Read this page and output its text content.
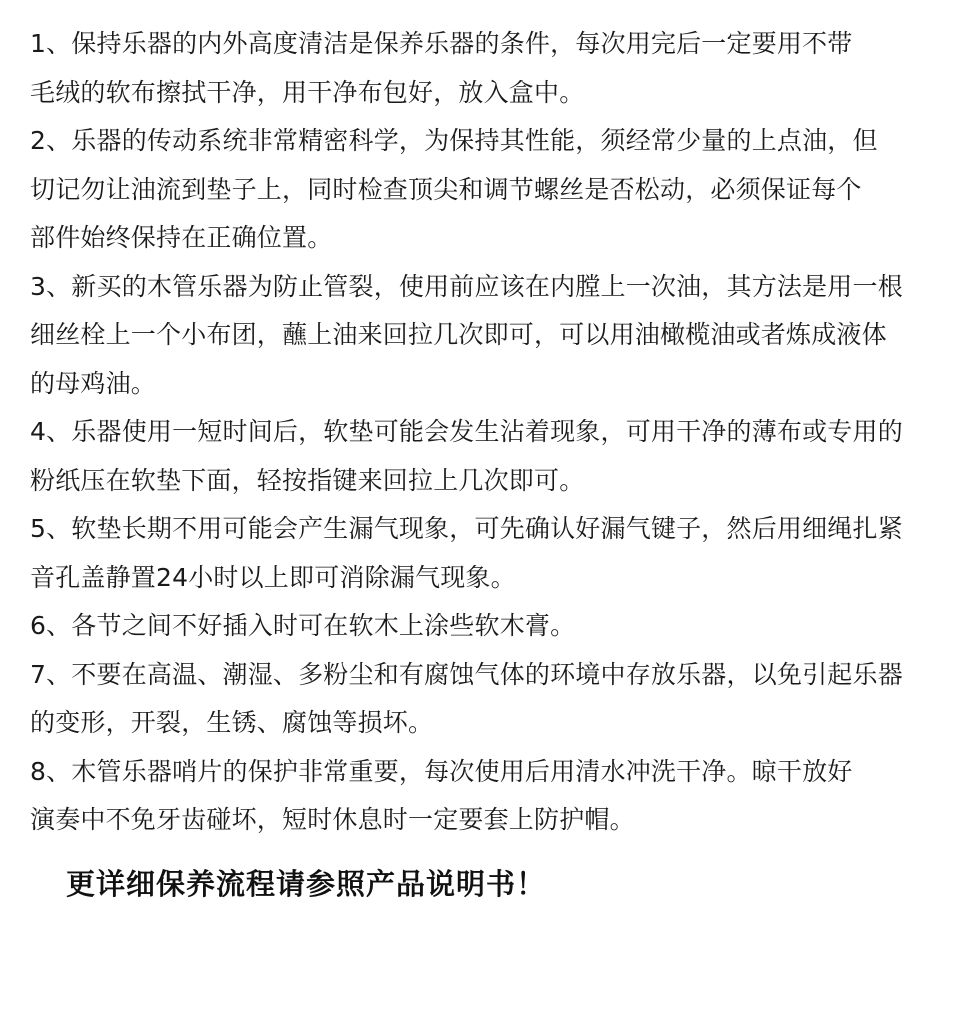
1、保持乐器的内外高度清洁是保养乐器的条件，每次用完后一定要用不带
毛绒的软布擦拭干净，用干净布包好，放入盒中。
2、乐器的传动系统非常精密科学，为保持其性能，须经常少量的上点油，但
切记勿让油流到垫子上，同时检查顶尖和调节螺丝是否松动，必须保证每个
部件始终保持在正确位置。
3、新买的木管乐器为防止管裂，使用前应该在内膛上一次油，其方法是用一根
细丝栓上一个小布团，蘸上油来回拉几次即可，可以用油橄榄油或者炼成液体
的母鸡油。
4、乐器使用一短时间后，软垫可能会发生沾着现象，可用干净的薄布或专用的
粉纸压在软垫下面，轻按指键来回拉上几次即可。
5、软垫长期不用可能会产生漏气现象，可先确认好漏气键子，然后用细绳扎紧
音孔盖静置24小时以上即可消除漏气现象。
6、各节之间不好插入时可在软木上涂些软木膏。
7、不要在高温、潮湿、多粉尘和有腐蚀气体的环境中存放乐器，以免引起乐器
的变形，开裂，生锈、腐蚀等损坏。
8、木管乐器哨片的保护非常重要，每次使用后用清水冲洗干净。晾干放好
演奏中不免牙齿碰坏，短时休息时一定要套上防护帽。
更详细保养流程请参照产品说明书！
